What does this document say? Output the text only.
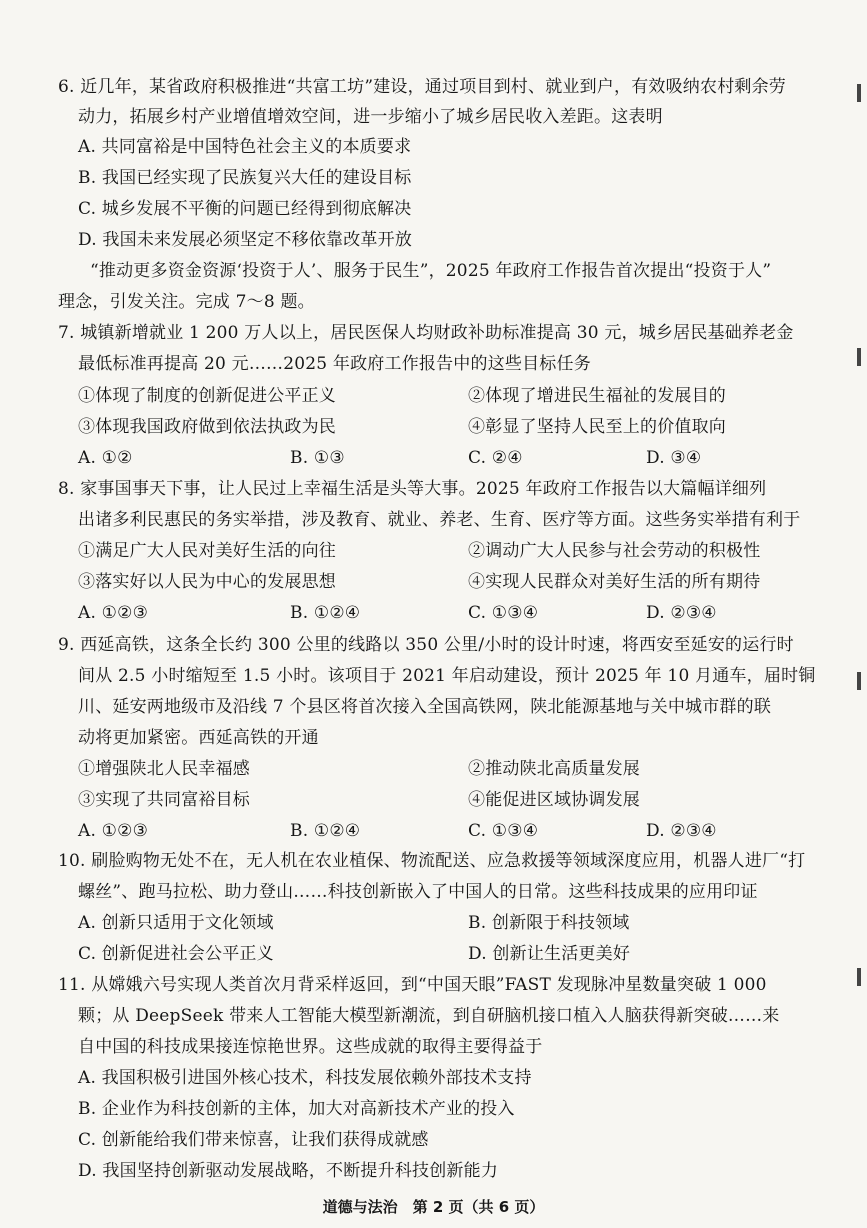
6. 近几年，某省政府积极推进“共富工坊”建设，通过项目到村、就业到户，有效吸纳农村剩余劳
动力，拓展乡村产业增值增效空间，进一步缩小了城乡居民收入差距。这表明
A. 共同富裕是中国特色社会主义的本质要求
B. 我国已经实现了民族复兴大任的建设目标
C. 城乡发展不平衡的问题已经得到彻底解决
D. 我国未来发展必须坚定不移依靠改革开放
“推动更多资金资源‘投资于人’、服务于民生”，2025 年政府工作报告首次提出“投资于人”
理念，引发关注。完成 7～8 题。
7. 城镇新增就业 1 200 万人以上，居民医保人均财政补助标准提高 30 元，城乡居民基础养老金
最低标准再提高 20 元……2025 年政府工作报告中的这些目标任务
①体现了制度的创新促进公平正义	②体现了增进民生福祉的发展目的
③体现我国政府做到依法执政为民	④彰显了坚持人民至上的价值取向
A. ①②	B. ①③	C. ②④	D. ③④
8. 家事国事天下事，让人民过上幸福生活是头等大事。2025 年政府工作报告以大篇幅详细列
出诸多利民惠民的务实举措，涉及教育、就业、养老、生育、医疗等方面。这些务实举措有利于
①满足广大人民对美好生活的向往	②调动广大人民参与社会劳动的积极性
③落实好以人民为中心的发展思想	④实现人民群众对美好生活的所有期待
A. ①②③	B. ①②④	C. ①③④	D. ②③④
9. 西延高铁，这条全长约 300 公里的线路以 350 公里/小时的设计时速，将西安至延安的运行时
间从 2.5 小时缩短至 1.5 小时。该项目于 2021 年启动建设，预计 2025 年 10 月通车，届时铜
川、延安两地级市及沿线 7 个县区将首次接入全国高铁网，陕北能源基地与关中城市群的联
动将更加紧密。西延高铁的开通
①增强陕北人民幸福感	②推动陕北高质量发展
③实现了共同富裕目标	④能促进区域协调发展
A. ①②③	B. ①②④	C. ①③④	D. ②③④
10. 刷脸购物无处不在，无人机在农业植保、物流配送、应急救援等领域深度应用，机器人进厂“打
螺丝”、跑马拉松、助力登山……科技创新嵌入了中国人的日常。这些科技成果的应用印证
A. 创新只适用于文化领域	B. 创新限于科技领域
C. 创新促进社会公平正义	D. 创新让生活更美好
11. 从嫦娥六号实现人类首次月背采样返回，到“中国天眼”FAST 发现脉冲星数量突破 1 000
颗；从 DeepSeek 带来人工智能大模型新潮流，到自研脑机接口植入人脑获得新突破……来
自中国的科技成果接连惊艳世界。这些成就的取得主要得益于
A. 我国积极引进国外核心技术，科技发展依赖外部技术支持
B. 企业作为科技创新的主体，加大对高新技术产业的投入
C. 创新能给我们带来惊喜，让我们获得成就感
D. 我国坚持创新驱动发展战略，不断提升科技创新能力
道德与法治　第 2 页（共 6 页）
